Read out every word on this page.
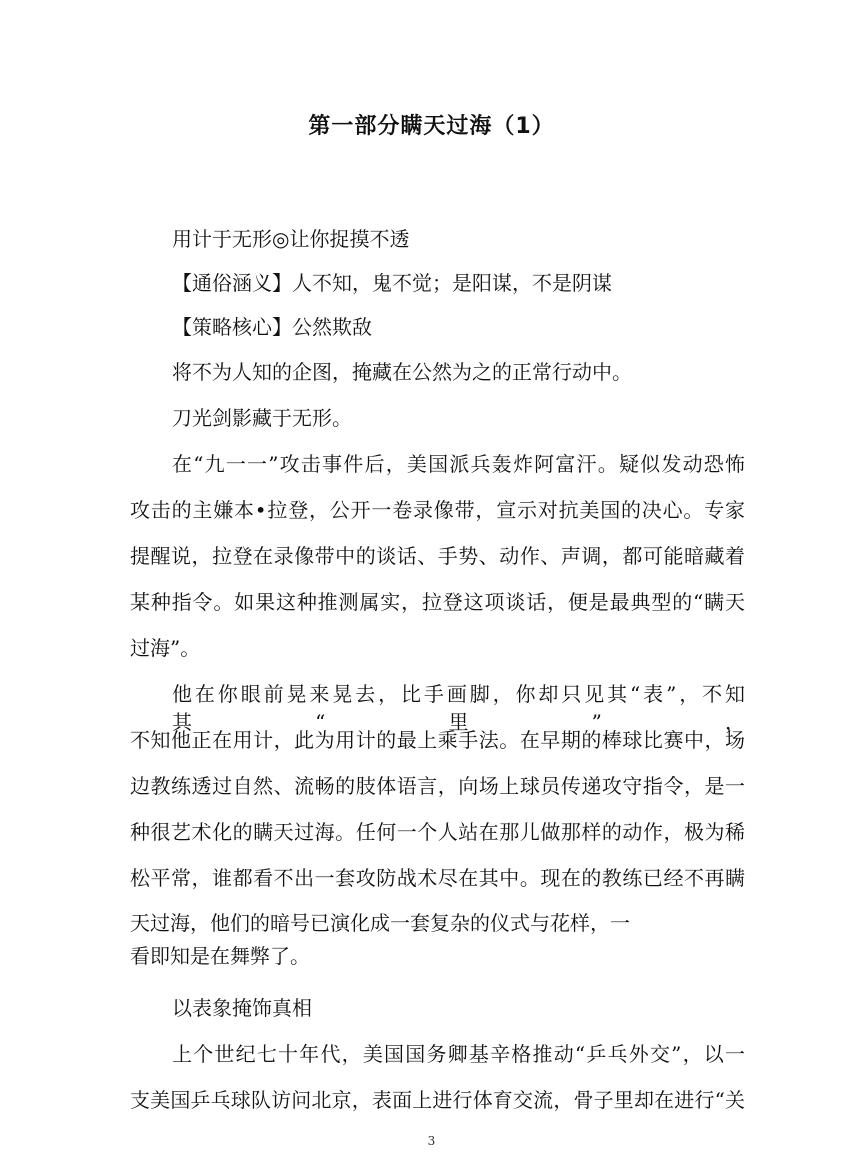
第一部分瞒天过海（1）

用计于无形◎让你捉摸不透

【通俗涵义】人不知，鬼不觉；是阳谋，不是阴谋

【策略核心】公然欺敌

将不为人知的企图，掩藏在公然为之的正常行动中。

刀光剑影藏于无形。

在“九一一”攻击事件后，美国派兵轰炸阿富汗。疑似发动恐怖

攻击的主嫌本•拉登，公开一卷录像带，宣示对抗美国的决心。专家

提醒说，拉登在录像带中的谈话、手势、动作、声调，都可能暗藏着

某种指令。如果这种推测属实，拉登这项谈话，便是最典型的“瞒天

过海”。

他在你眼前晃来晃去，比手画脚，你却只见其“表”，不知其“里”，

不知他正在用计，此为用计的最上乘手法。在早期的棒球比赛中，场

边教练透过自然、流畅的肢体语言，向场上球员传递攻守指令，是一

种很艺术化的瞒天过海。任何一个人站在那儿做那样的动作，极为稀

松平常，谁都看不出一套攻防战术尽在其中。现在的教练已经不再瞒

天过海，他们的暗号已演化成一套复杂的仪式与花样，一

看即知是在舞弊了。

以表象掩饰真相

上个世纪七十年代，美国国务卿基辛格推动“乒乓外交”，以一

支美国乒乓球队访问北京，表面上进行体育交流，骨子里却在进行“关

3
